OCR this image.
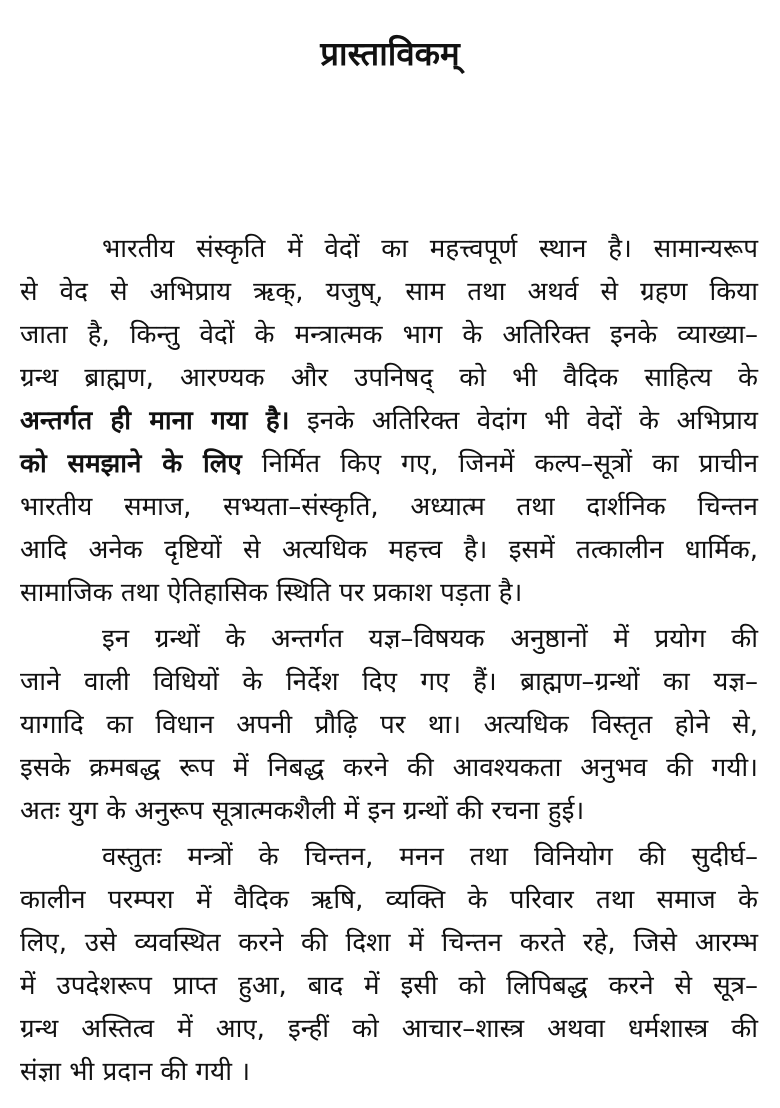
प्रास्ताविकम्
भारतीय संस्कृति में वेदों का महत्त्वपूर्ण स्थान है। सामान्यरूप
से वेद से अभिप्राय ऋक्, यजुष्, साम तथा अथर्व से ग्रहण किया
जाता है, किन्तु वेदों के मन्त्रात्मक भाग के अतिरिक्त इनके व्याख्या–
ग्रन्थ ब्राह्मण, आरण्यक और उपनिषद् को भी वैदिक साहित्य के
अन्तर्गत ही माना गया है। इनके अतिरिक्त वेदांग भी वेदों के अभिप्राय
को समझाने के लिए निर्मित किए गए, जिनमें कल्प–सूत्रों का प्राचीन
भारतीय समाज, सभ्यता–संस्कृति, अध्यात्म तथा दार्शनिक चिन्तन
आदि अनेक दृष्टियों से अत्यधिक महत्त्व है। इसमें तत्कालीन धार्मिक,
सामाजिक तथा ऐतिहासिक स्थिति पर प्रकाश पड़ता है।
इन ग्रन्थों के अन्तर्गत यज्ञ–विषयक अनुष्ठानों में प्रयोग की
जाने वाली विधियों के निर्देश दिए गए हैं। ब्राह्मण–ग्रन्थों का यज्ञ–
यागादि का विधान अपनी प्रौढ़ि पर था। अत्यधिक विस्तृत होने से,
इसके क्रमबद्ध रूप में निबद्ध करने की आवश्यकता अनुभव की गयी।
अतः युग के अनुरूप सूत्रात्मकशैली में इन ग्रन्थों की रचना हुई।
वस्तुतः मन्त्रों के चिन्तन, मनन तथा विनियोग की सुदीर्घ–
कालीन परम्परा में वैदिक ऋषि, व्यक्ति के परिवार तथा समाज के
लिए, उसे व्यवस्थित करने की दिशा में चिन्तन करते रहे, जिसे आरम्भ
में उपदेशरूप प्राप्त हुआ, बाद में इसी को लिपिबद्ध करने से सूत्र–
ग्रन्थ अस्तित्व में आए, इन्हीं को आचार–शास्त्र अथवा धर्मशास्त्र की
संज्ञा भी प्रदान की गयी ।
